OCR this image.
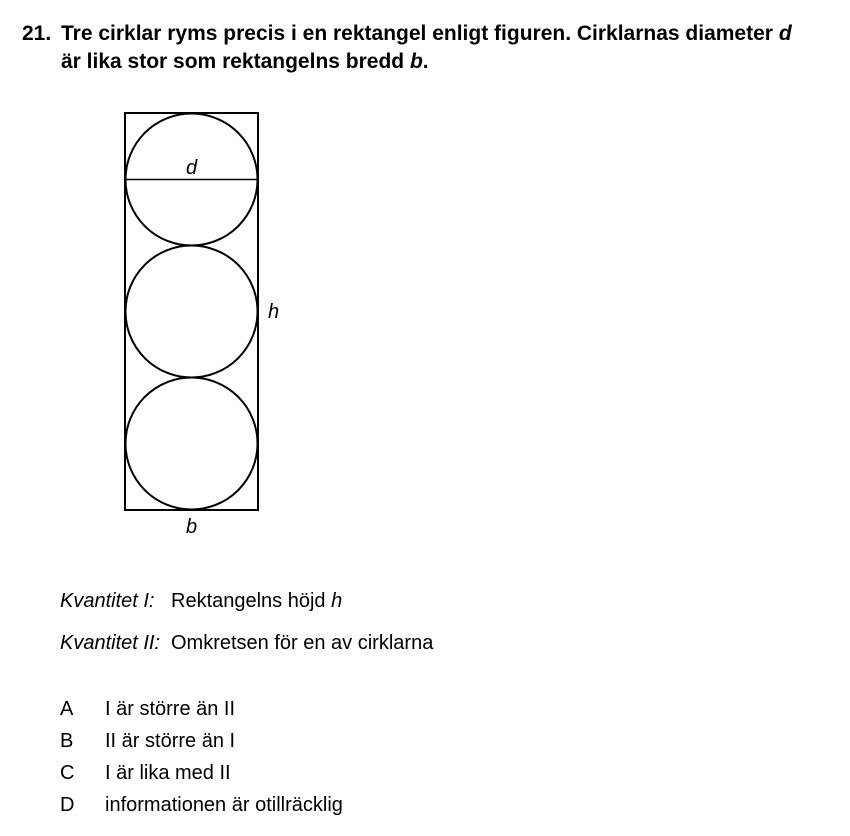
21. Tre cirklar ryms precis i en rektangel enligt figuren. Cirklarnas diameter d
är lika stor som rektangelns bredd b.
d
h
b
Kvantitet I: Rektangelns höjd h
Kvantitet II: Omkretsen för en av cirklarna
A I är större än II
B II är större än I
C I är lika med II
D informationen är otillräcklig
